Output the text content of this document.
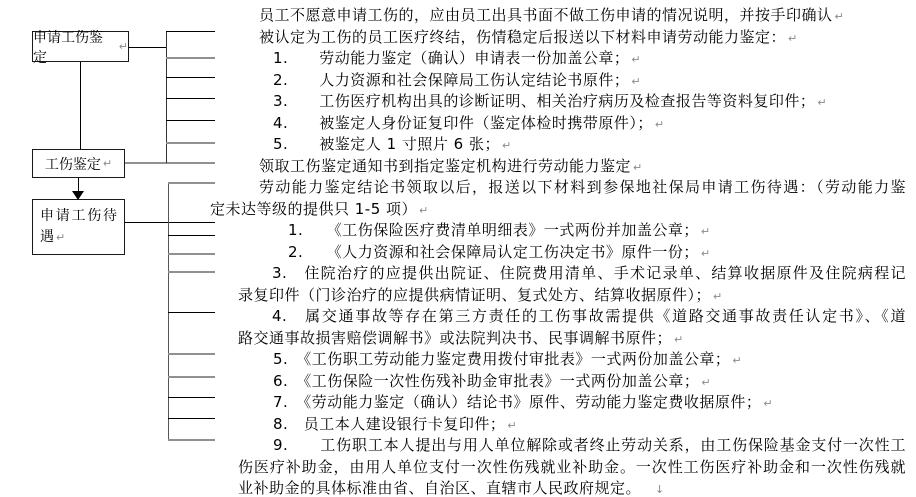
申请工伤鉴定
↵
工伤鉴定 ↵
申请工伤待
遇 ↵
员工不愿意申请工伤的，应由员工出具书面不做工伤申请的情况说明，并按手印确认 ↵
被认定为工伤的员工医疗终结，伤情稳定后报送以下材料申请劳动能力鉴定： ↵
1.　　劳动能力鉴定（确认）申请表一份加盖公章； ↵
2.　　人力资源和社会保障局工伤认定结论书原件； ↵
3.　　工伤医疗机构出具的诊断证明、相关治疗病历及检查报告等资料复印件； ↵
4.　　被鉴定人身份证复印件（鉴定体检时携带原件）； ↵
5.　　被鉴定人 1 寸照片 6 张； ↵
领取工伤鉴定通知书到指定鉴定机构进行劳动能力鉴定 ↵
劳动能力鉴定结论书领取以后，报送以下材料到参保地社保局申请工伤待遇：（劳动能力鉴
定未达等级的提供只 1-5 项） ↵
1.　　《工伤保险医疗费清单明细表》一式两份并加盖公章； ↵
2.　　《人力资源和社会保障局认定工伤决定书》原件一份； ↵
3.　住院治疗的应提供出院证、住院费用清单、手术记录单、结算收据原件及住院病程记
录复印件（门诊治疗的应提供病情证明、复式处方、结算收据原件）； ↵
4.　属交通事故等存在第三方责任的工伤事故需提供《道路交通事故责任认定书》、《道
路交通事故损害赔偿调解书》或法院判决书、民事调解书原件； ↵
5.　《工伤职工劳动能力鉴定费用拨付审批表》一式两份加盖公章； ↵
6.　《工伤保险一次性伤残补助金审批表》一式两份加盖公章； ↵
7.　《劳动能力鉴定（确认）结论书》原件、劳动能力鉴定费收据原件； ↵
8.　员工本人建设银行卡复印件； ↵
9.　　工伤职工本人提出与用人单位解除或者终止劳动关系，由工伤保险基金支付一次性工
伤医疗补助金，由用人单位支付一次性伤残就业补助金。一次性工伤医疗补助金和一次性伤残就
业补助金的具体标准由省、自治区、直辖市人民政府规定。 ↓
